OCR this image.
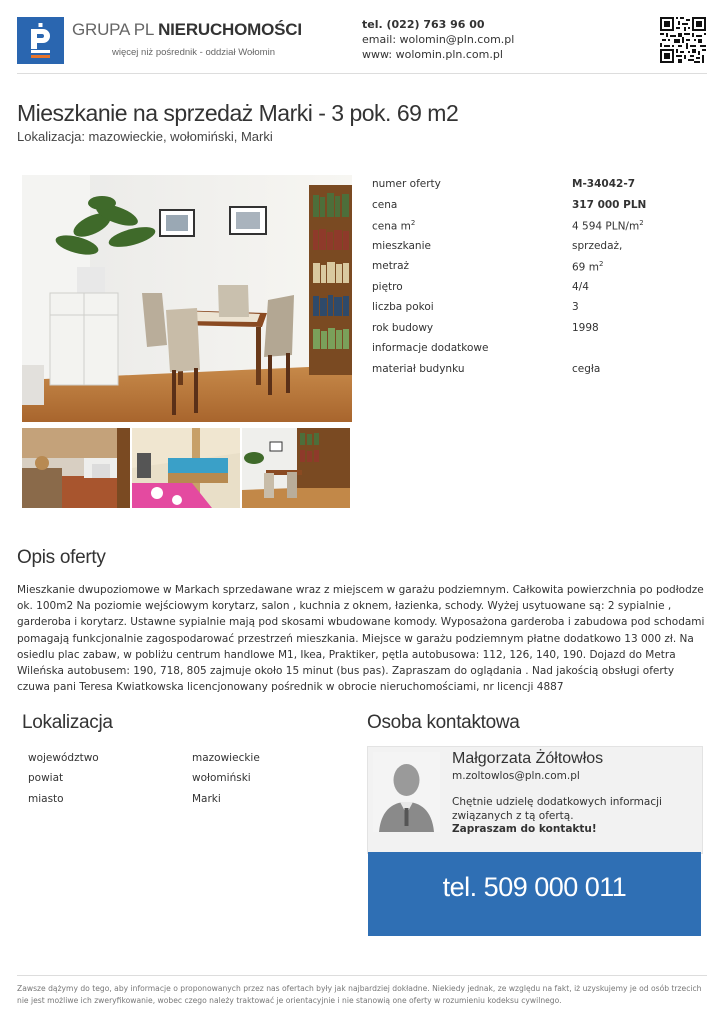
GRUPA PL NIERUCHOMOŚCI
więcej niż pośrednik - oddział Wołomin
tel. (022) 763 96 00
email: wolomin@pln.com.pl
www: wolomin.pln.com.pl
Mieszkanie na sprzedaż Marki - 3 pok. 69 m2
Lokalizacja: mazowieckie, wołomiński, Marki
numer oferty	M-34042-7
cena	317 000 PLN
cena $m^2$	4 594 PLN/$m^2$
mieszkanie	sprzedaż,
metraż	69 $m^2$
piętro	4/4
liczba pokoi	3
rok budowy	1998
informacje dodatkowe
materiał budynku	cegła
Opis oferty
Mieszkanie dwupoziomowe w Markach sprzedawane wraz z miejscem w garażu podziemnym. Całkowita powierzchnia po podłodze ok. 100m2 Na poziomie wejściowym korytarz, salon , kuchnia z oknem, łazienka, schody. Wyżej usytuowane są: 2 sypialnie , garderoba i korytarz. Ustawne sypialnie mają pod skosami wbudowane komody. Wyposażona garderoba i zabudowa pod schodami pomagają funkcjonalnie zagospodarować przestrzeń mieszkania. Miejsce w garażu podziemnym płatne dodatkowo 13 000 zł. Na osiedlu plac zabaw, w pobliżu centrum handlowe M1, Ikea, Praktiker, pętla autobusowa: 112, 126, 140, 190. Dojazd do Metra Wileńska autobusem: 190, 718, 805 zajmuje około 15 minut (bus pas). Zapraszam do oglądania . Nad jakością obsługi oferty czuwa pani Teresa Kwiatkowska licencjonowany pośrednik w obrocie nieruchomościami, nr licencji 4887
Lokalizacja
województwo	mazowieckie
powiat	wołomiński
miasto	Marki
Osoba kontaktowa
Małgorzata Żółtowłos
m.zoltowlos@pln.com.pl
Chętnie udzielę dodatkowych informacji związanych z tą ofertą.
Zapraszam do kontaktu!
tel. 509 000 011
Zawsze dążymy do tego, aby informacje o proponowanych przez nas ofertach były jak najbardziej dokładne. Niekiedy jednak, ze względu na fakt, iż uzyskujemy je od osób trzecich nie jest możliwe ich zweryfikowanie, wobec czego należy traktować je orientacyjnie i nie stanowią one oferty w rozumieniu kodeksu cywilnego.
